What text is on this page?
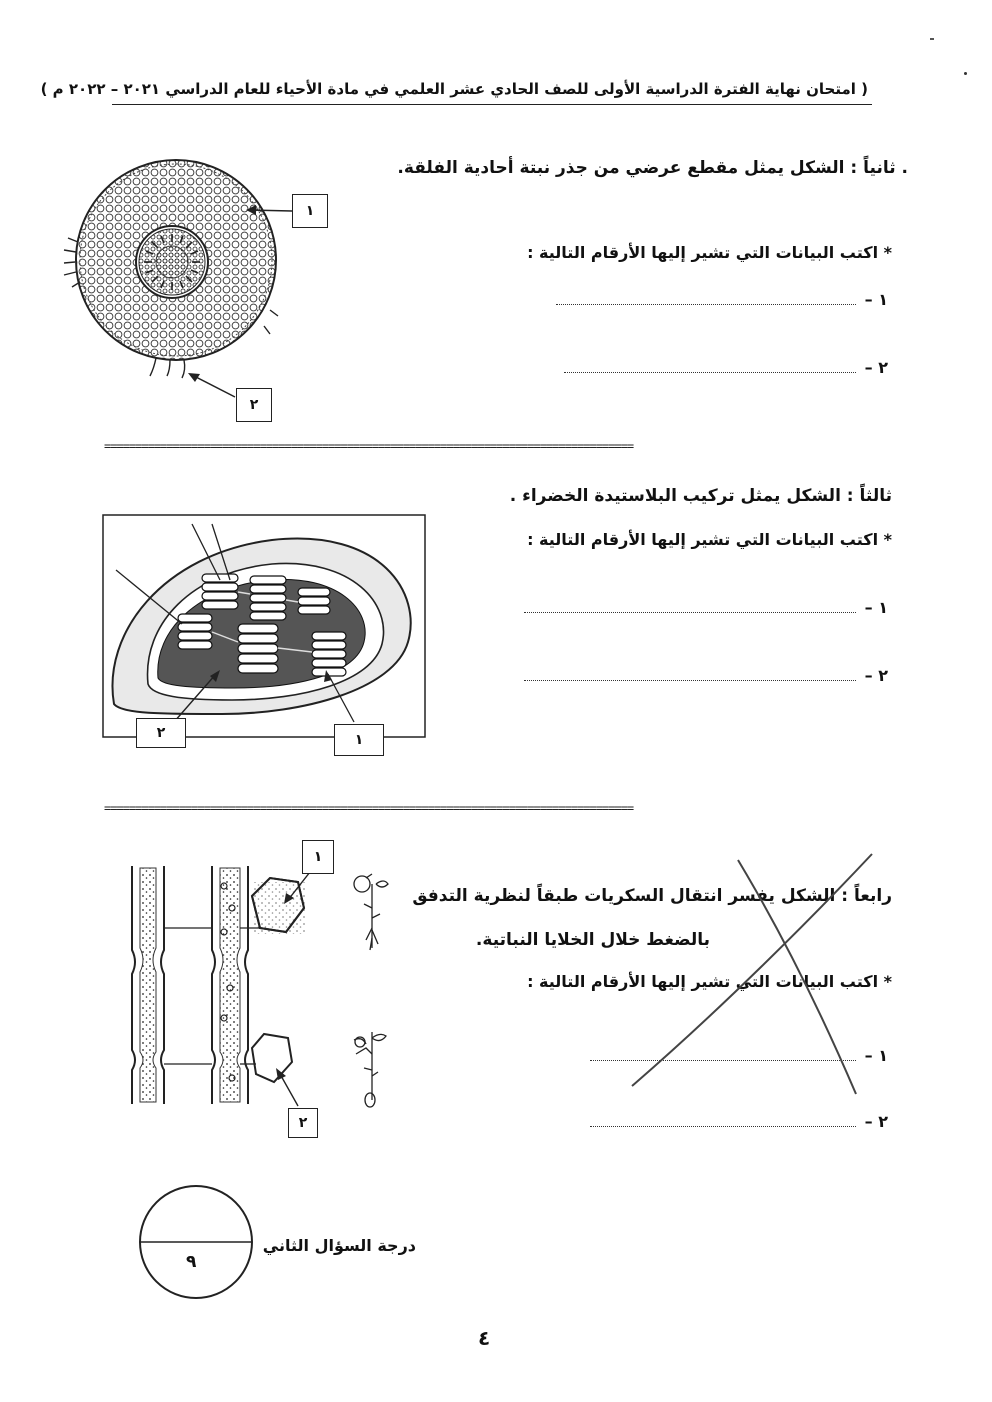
( امتحان نهاية الفترة الدراسية الأولى للصف الحادي عشر العلمي في مادة الأحياء للعام الدراسي ٢٠٢١ – ٢٠٢٢ م )
. ثانياً : الشكل يمثل مقطع عرضي من جذر نبتة أحادية الفلقة.
* اكتب البيانات التي تشير إليها الأرقام التالية :
١ –
٢ –
١
٢
=====================================================================================
ثالثاً : الشكل يمثل تركيب البلاستيدة الخضراء .
* اكتب البيانات التي تشير إليها الأرقام التالية :
١ –
٢ –
٢	١
=====================================================================================
رابعاً : الشكل يفسر انتقال السكريات طبقاً لنظرية التدفق
بالضغط خلال الخلايا النباتية.
* اكتب البيانات التي تشير إليها الأرقام التالية :
١ –
٢ –
١
٢
٩
درجة السؤال الثاني
٤
